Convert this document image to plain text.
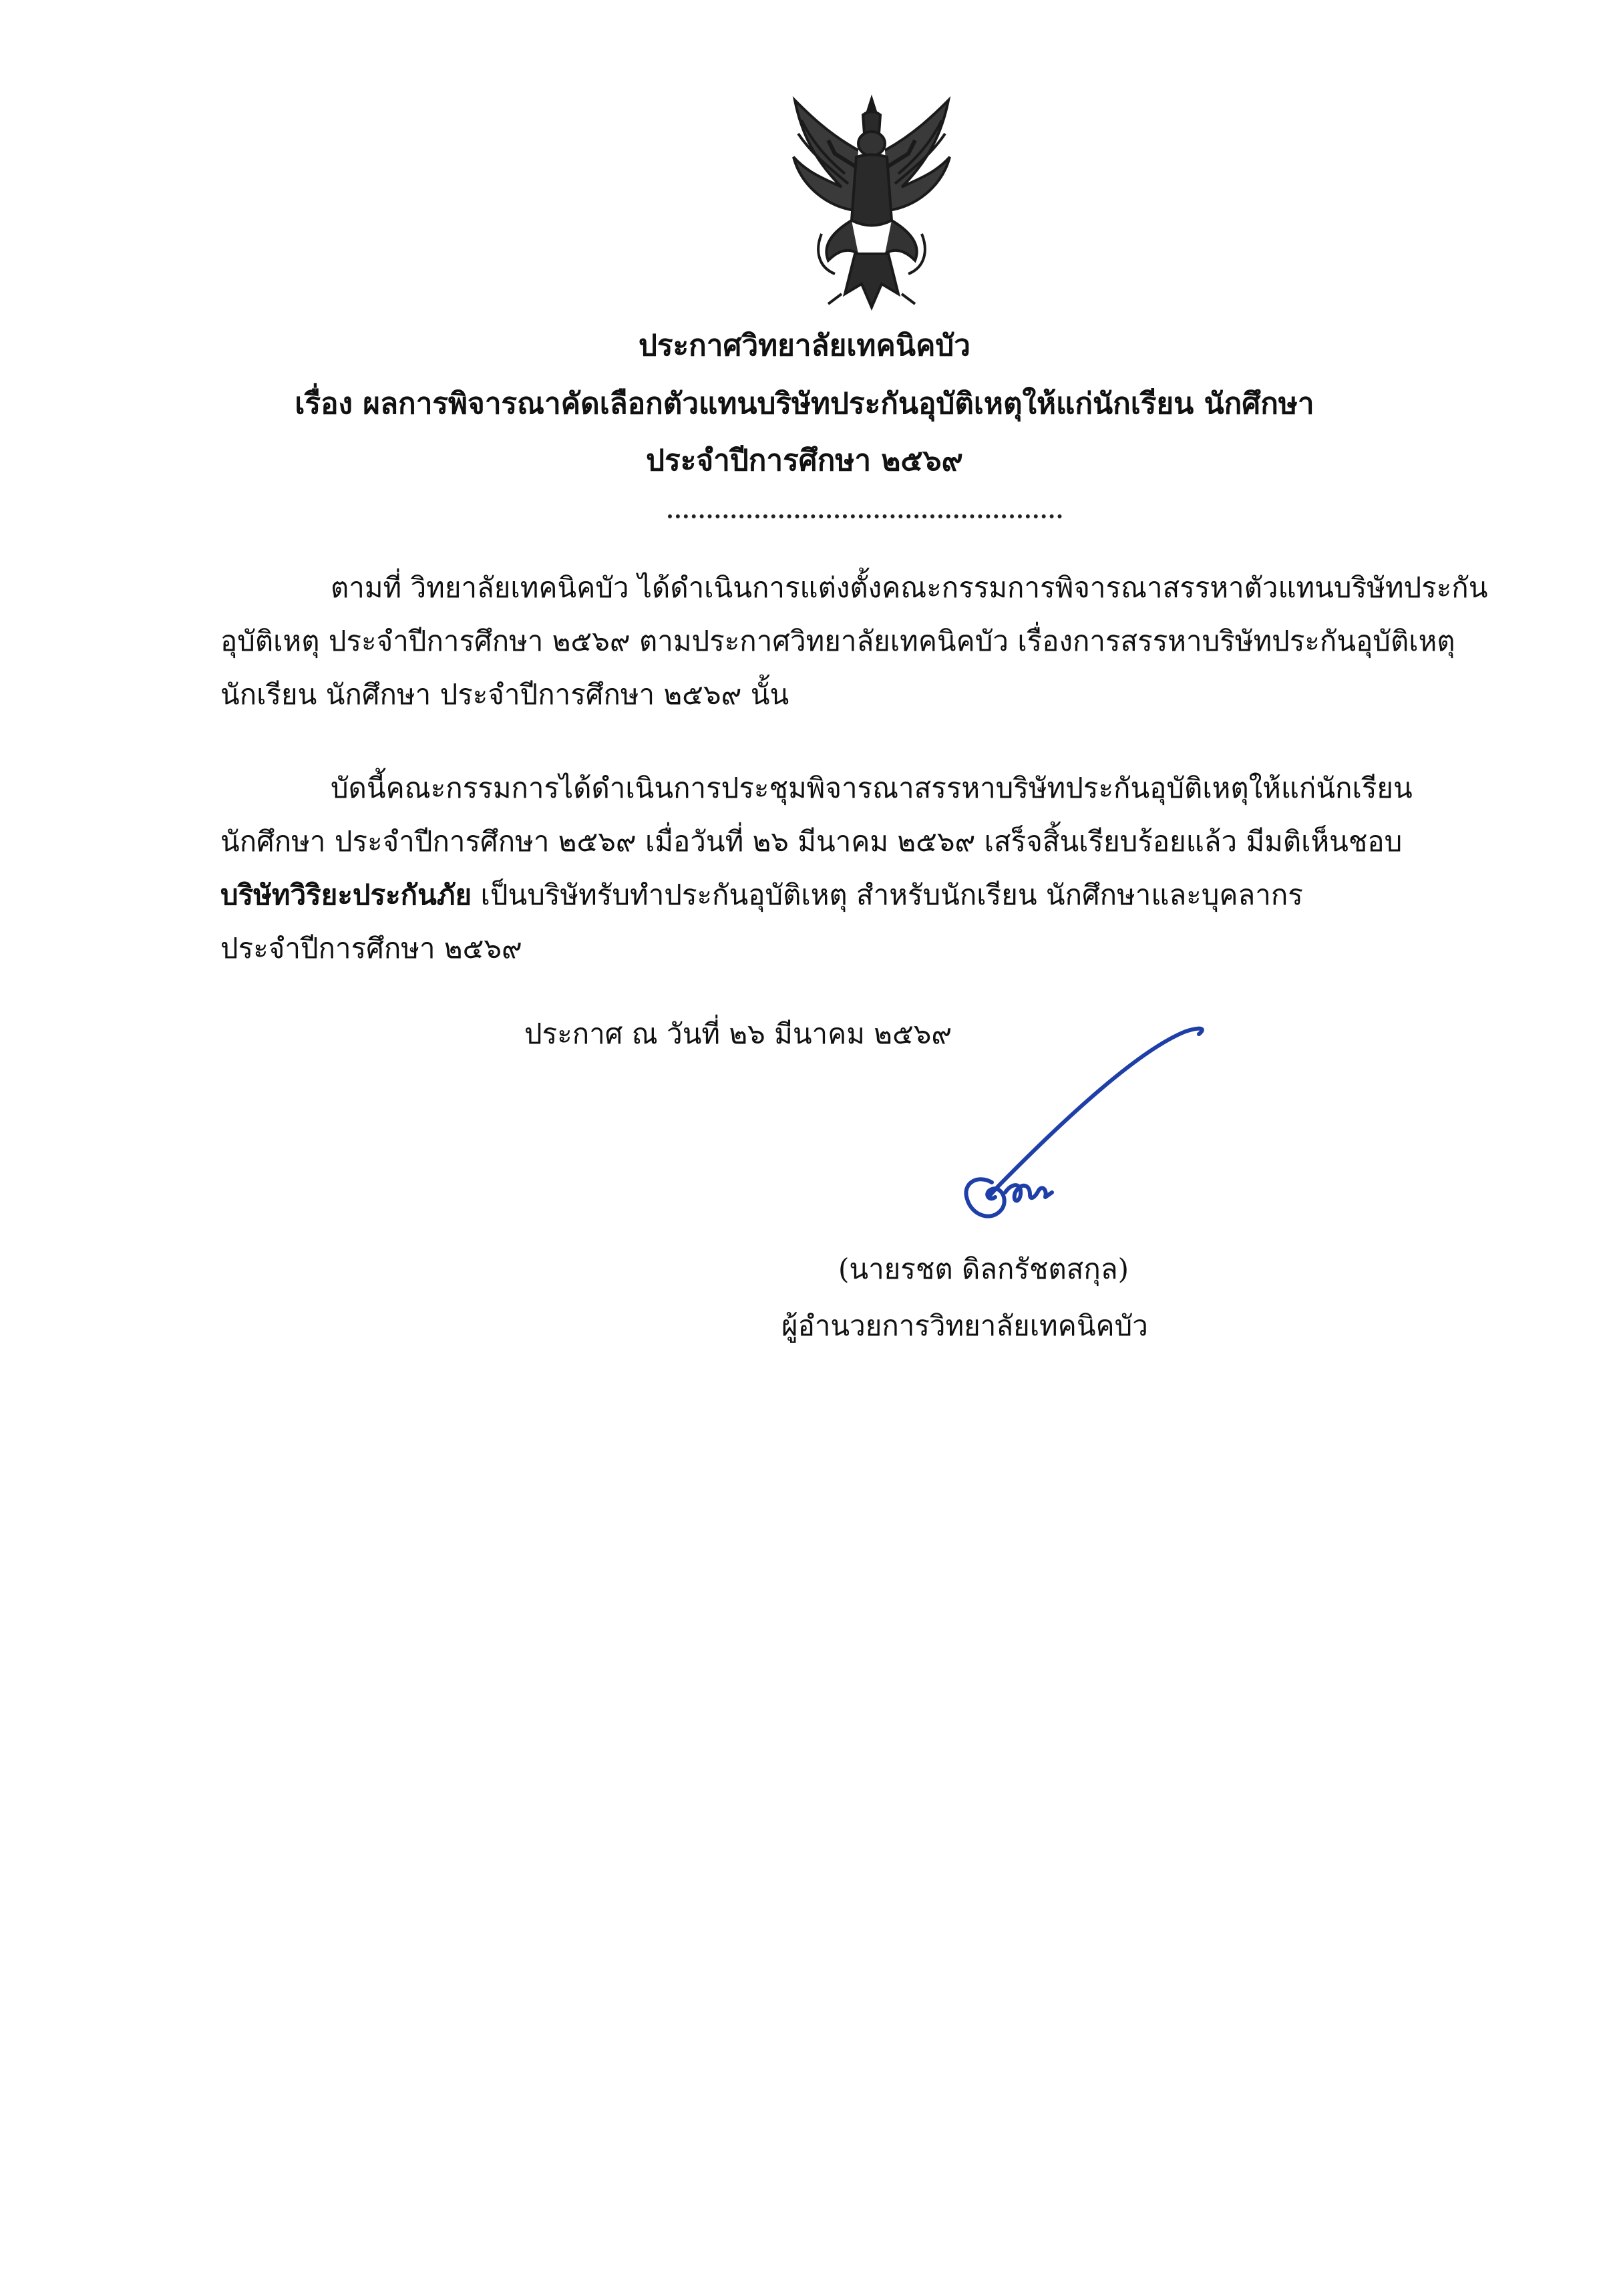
ประกาศวิทยาลัยเทคนิคบัว
เรื่อง ผลการพิจารณาคัดเลือกตัวแทนบริษัทประกันอุบัติเหตุให้แก่นักเรียน นักศึกษา
ประจำปีการศึกษา ๒๕๖๙
ตามที่ วิทยาลัยเทคนิคบัว ได้ดำเนินการแต่งตั้งคณะกรรมการพิจารณาสรรหาตัวแทนบริษัทประกัน
อุบัติเหตุ ประจำปีการศึกษา ๒๕๖๙ ตามประกาศวิทยาลัยเทคนิคบัว เรื่องการสรรหาบริษัทประกันอุบัติเหตุ
นักเรียน นักศึกษา ประจำปีการศึกษา ๒๕๖๙ นั้น
บัดนี้คณะกรรมการได้ดำเนินการประชุมพิจารณาสรรหาบริษัทประกันอุบัติเหตุให้แก่นักเรียน
นักศึกษา ประจำปีการศึกษา ๒๕๖๙ เมื่อวันที่ ๒๖ มีนาคม ๒๕๖๙ เสร็จสิ้นเรียบร้อยแล้ว มีมติเห็นชอบ
บริษัทวิริยะประกันภัย เป็นบริษัทรับทำประกันอุบัติเหตุ สำหรับนักเรียน นักศึกษาและบุคลากร
ประจำปีการศึกษา ๒๕๖๙
ประกาศ ณ วันที่ ๒๖ มีนาคม ๒๕๖๙
(นายรชต ดิลกรัชตสกุล)
ผู้อำนวยการวิทยาลัยเทคนิคบัว
